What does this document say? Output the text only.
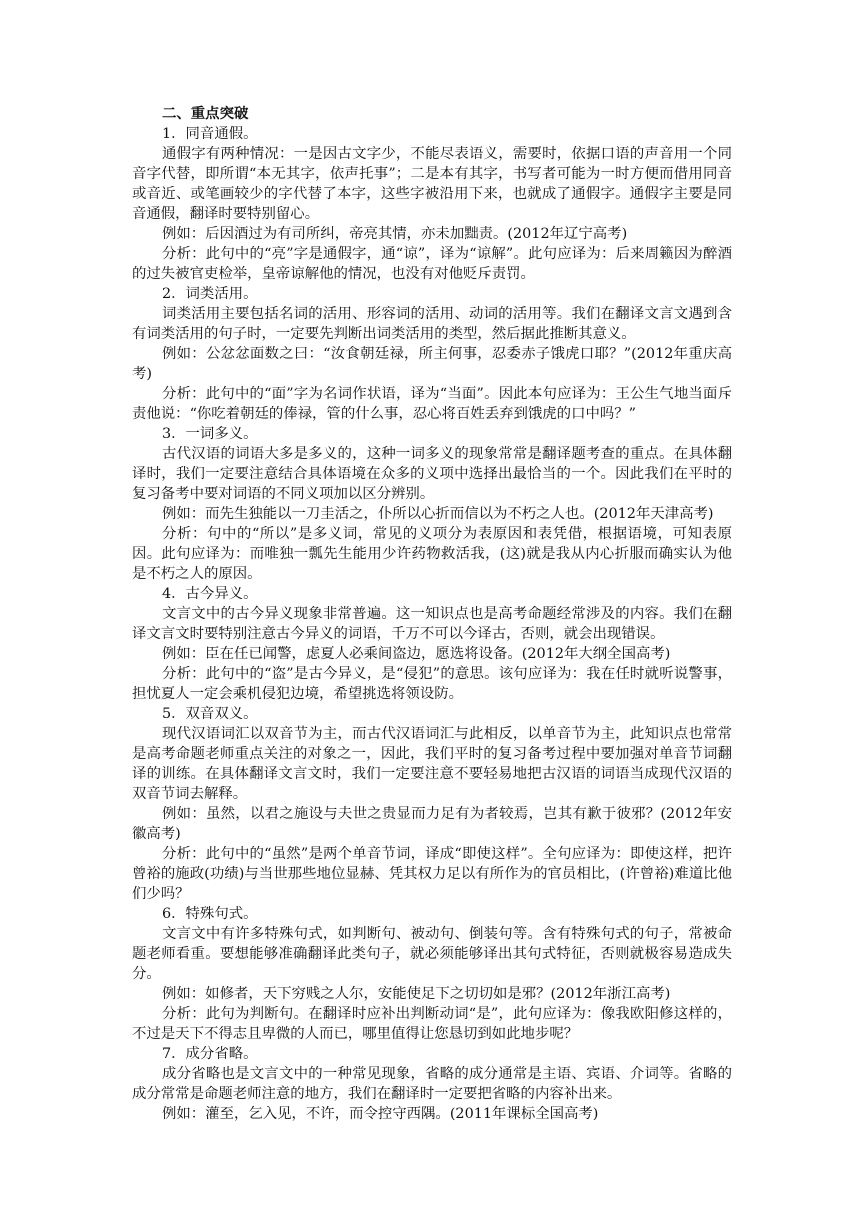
二、重点突破

1．同音通假。

通假字有两种情况：一是因古文字少，不能尽表语义，需要时，依据口语的声音用一个同音字代替，即所谓“本无其字，依声托事”；二是本有其字，书写者可能为一时方便而借用同音或音近、或笔画较少的字代替了本字，这些字被沿用下来，也就成了通假字。通假字主要是同音通假，翻译时要特别留心。

例如：后因酒过为有司所纠，帝亮其情，亦未加黜责。(2012年辽宁高考)

分析：此句中的“亮”字是通假字，通“谅”，译为“谅解”。此句应译为：后来周籁因为醉酒的过失被官吏检举，皇帝谅解他的情况，也没有对他贬斥责罚。

2．词类活用。

词类活用主要包括名词的活用、形容词的活用、动词的活用等。我们在翻译文言文遇到含有词类活用的句子时，一定要先判断出词类活用的类型，然后据此推断其意义。

例如：公忿忿面数之曰：“汝食朝廷禄，所主何事，忍委赤子饿虎口耶？”(2012年重庆高考)

分析：此句中的“面”字为名词作状语，译为“当面”。因此本句应译为：王公生气地当面斥责他说：“你吃着朝廷的俸禄，管的什么事，忍心将百姓丢弃到饿虎的口中吗？”

3．一词多义。

古代汉语的词语大多是多义的，这种一词多义的现象常常是翻译题考查的重点。在具体翻译时，我们一定要注意结合具体语境在众多的义项中选择出最恰当的一个。因此我们在平时的复习备考中要对词语的不同义项加以区分辨别。

例如：而先生独能以一刀圭活之，仆所以心折而信以为不朽之人也。(2012年天津高考)

分析：句中的“所以”是多义词，常见的义项分为表原因和表凭借，根据语境，可知表原因。此句应译为：而唯独一瓢先生能用少许药物救活我，(这)就是我从内心折服而确实认为他是不朽之人的原因。

4．古今异义。

文言文中的古今异义现象非常普遍。这一知识点也是高考命题经常涉及的内容。我们在翻译文言文时要特别注意古今异义的词语，千万不可以今译古，否则，就会出现错误。

例如：臣在任已闻警，虑夏人必乘间盗边，愿选将设备。(2012年大纲全国高考)

分析：此句中的“盗”是古今异义，是“侵犯”的意思。该句应译为：我在任时就听说警事，担忧夏人一定会乘机侵犯边境，希望挑选将领设防。

5．双音双义。

现代汉语词汇以双音节为主，而古代汉语词汇与此相反，以单音节为主，此知识点也常常是高考命题老师重点关注的对象之一，因此，我们平时的复习备考过程中要加强对单音节词翻译的训练。在具体翻译文言文时，我们一定要注意不要轻易地把古汉语的词语当成现代汉语的双音节词去解释。

例如：虽然，以君之施设与夫世之贵显而力足有为者较焉，岂其有歉于彼邪？(2012年安徽高考)

分析：此句中的“虽然”是两个单音节词，译成“即使这样”。全句应译为：即使这样，把许曾裕的施政(功绩)与当世那些地位显赫、凭其权力足以有所作为的官员相比，(许曾裕)难道比他们少吗？

6．特殊句式。

文言文中有许多特殊句式，如判断句、被动句、倒装句等。含有特殊句式的句子，常被命题老师看重。要想能够准确翻译此类句子，就必须能够译出其句式特征，否则就极容易造成失分。

例如：如修者，天下穷贱之人尔，安能使足下之切切如是邪？(2012年浙江高考)

分析：此句为判断句。在翻译时应补出判断动词“是”，此句应译为：像我欧阳修这样的，不过是天下不得志且卑微的人而已，哪里值得让您恳切到如此地步呢？

7．成分省略。

成分省略也是文言文中的一种常见现象，省略的成分通常是主语、宾语、介词等。省略的成分常常是命题老师注意的地方，我们在翻译时一定要把省略的内容补出来。

例如：灌至，乞入见，不许，而令控守西隅。(2011年课标全国高考)
